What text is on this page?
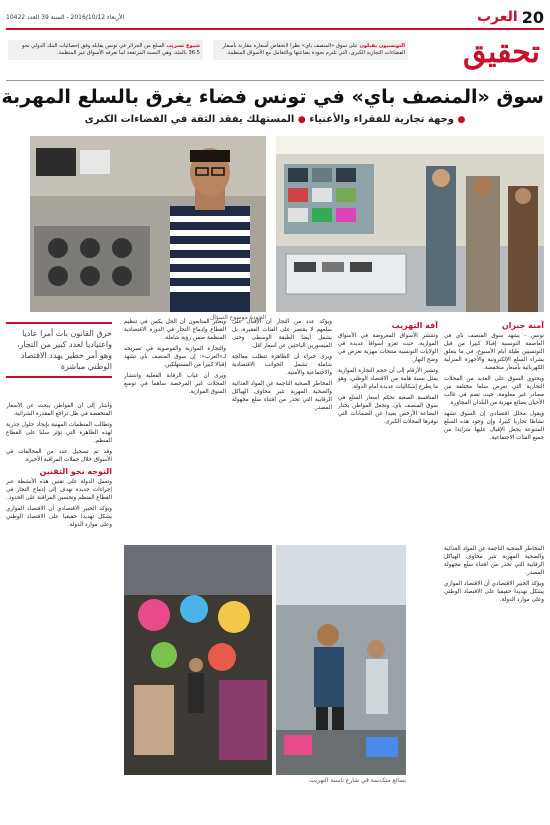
20
العرب
الأربعاء 2016/10/12 - السنة 39 العدد 10422
تحقيق
التونسيون يقبلون على سوق «المنصف باي» نظرا لانخفاض أسعاره مقارنة بأسعار الفضاءات التجارية الكبرى، التي تلتزم بجودة بضاعتها وبالتعامل مع الأسواق المنظمة.
شيوع تسريب السلع من الجزائر في تونس يقابله وفق إحصائيات البنك الدولي نحو 36.5 بالمئة، وهي النسبة المرتفعة لما تعرفه الأسواق غير المنظمة.
سوق «المنصف باي» في تونس فضاء يغرق بالسلع المهربة
● وجهة تجارية للفقراء والأغنياء ● المستهلك يفقد الثقة في الفضاءات الكبرى
الجودة موضوع السؤال
آمنة جبران

تونس - يشهد سوق المنصف باي في العاصمة التونسية إقبالا كبيرا من قبل التونسيين طيلة أيام الأسبوع، في ما يتعلق بشراء السلع الإلكترونية والأجهزة المنزلية الكهربائية بأسعار منخفضة.

ويحتوي السوق على العديد من المحلات التجارية التي تعرض سلعا مختلفة من مصادر غير معلومة، حيث تضم في غالب الأحيان بضائع مهربة من البلدان المجاورة.

ويقول محلل اقتصادي إن السوق تشهد نشاطا تجاريا كبيرا، وإن وجود هذه السلع المتنوعة يجعل الإقبال عليها متزايدا من جميع الفئات الاجتماعية.

آفة التهريب

وتنتشر الأسواق المعروضة في الأسواق الموازية، حيث تغزو أسواقا عديدة في الولايات التونسية منتجات مهربة تعرض في وضح النهار.

وتشير الأرقام إلى أن حجم التجارة الموازية يمثل نسبة هامة من الاقتصاد الوطني، وهو ما يطرح إشكاليات عديدة أمام الدولة.

المنافسة الصعبة تحكم أسعار السلع في سوق المنصف باي، وتجعل المواطن يختار البضاعة الأرخص بعيدا عن الضمانات التي توفرها المحلات الكبرى.

ويؤكد عدد من التجار أن الإقبال على سلعهم لا يقتصر على الفئات الفقيرة، بل يشمل أيضا الطبقة الوسطى وحتى الميسورين الباحثين عن أسعار أقل.

ويرى خبراء أن الظاهرة تتطلب معالجة شاملة تشمل الجوانب الاقتصادية والاجتماعية والأمنية.

المخاطر الصحية الناجمة عن المواد الغذائية والصحية المهربة تثير مخاوف الهياكل الرقابية التي تحذر من اقتناء سلع مجهولة المصدر.

ويعتبر المتابعون أن الحل يكمن في تنظيم القطاع وإدماج التجار في الدورة الاقتصادية المنظمة ضمن رؤية شاملة.

والتجارة الموازية والفوضوية في تصريحه لـ«العرب»: إن سوق المنصف باي تشهد إقبالا كبيرا من المستهلكين.

ويرى أن غياب الرقابة الفعلية وانتشار المحلات غير المرخصة ساهما في توسع السوق الموازية.

خرق القانون بات أمرا عاديا واعتياديا لعدد كبير من التجار، وهو أمر خطير يهدد الاقتصاد الوطني مباشرة

وأشار إلى أن المواطن يبحث عن الأسعار المنخفضة في ظل تراجع المقدرة الشرائية.

وتطالب المنظمات المهنية بإيجاد حلول جذرية لهذه الظاهرة التي تؤثر سلبا على القطاع المنظم.

وقد تم تسجيل عدد من المخالفات في الأسواق خلال حملات المراقبة الأخيرة.

التوجه نحو التقنين

وتعمل الدولة على تقنين هذه الأنشطة عبر إجراءات جديدة تهدف إلى إدماج التجار في القطاع المنظم وتحسين المراقبة على الحدود.

ويؤكد الخبير الاقتصادي أن الاقتصاد الموازي يشكل تهديدا حقيقيا على الاقتصاد الوطني وعلى موارد الدولة.

بضائع متكدسة في شارع ناسبة التهريب

المخاطر الصحية الناجمة عن المواد الغذائية والصحية المهربة تثير مخاوف الهياكل الرقابية التي تحذر من اقتناء سلع مجهولة المصدر.

ويؤكد الخبير الاقتصادي أن الاقتصاد الموازي يشكل تهديدا حقيقيا على الاقتصاد الوطني وعلى موارد الدولة.
